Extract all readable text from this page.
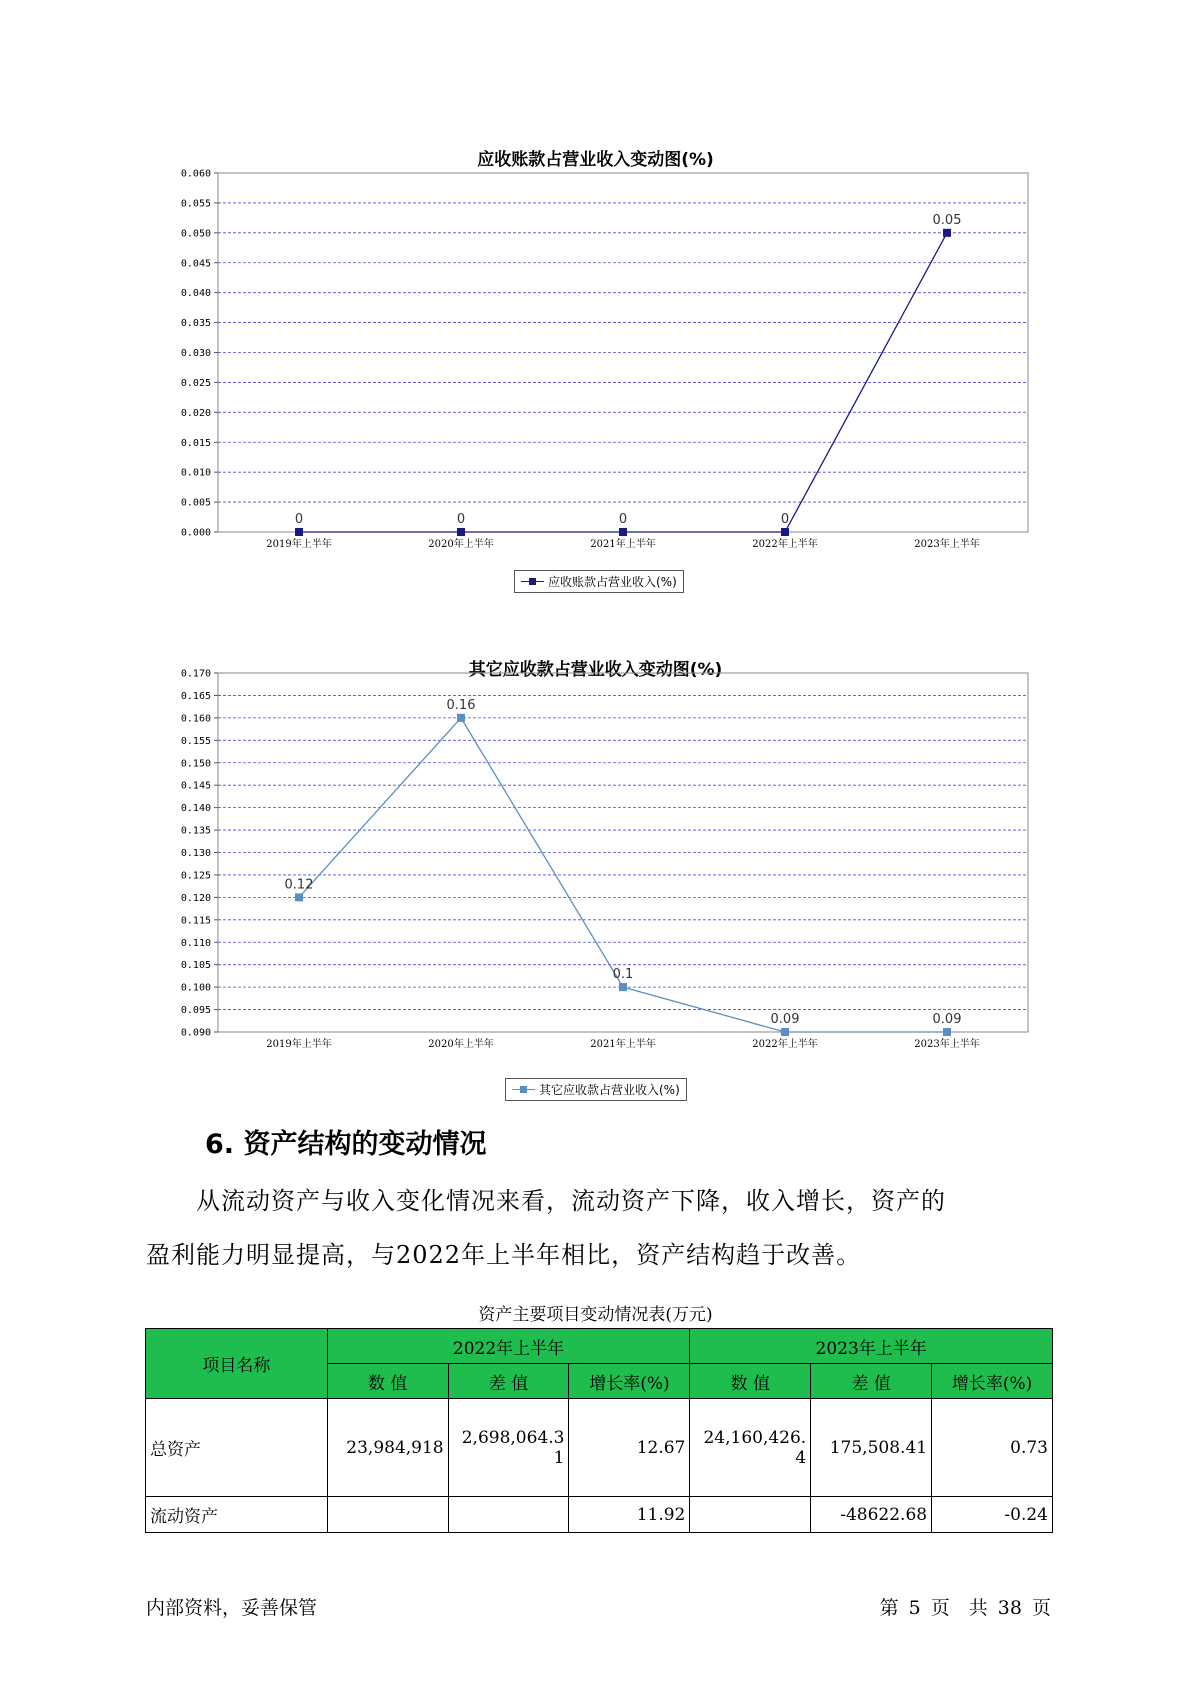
应收账款占营业收入变动图(%)
0.000
0.005
0.010
0.015
0.020
0.025
0.030
0.035
0.040
0.045
0.050
0.055
0.060
2019年上半年	2020年上半年	2021年上半年	2022年上半年	2023年上半年
0	0	0	0
0.05
应收账款占营业收入(%)
其它应收款占营业收入变动图(%)
0.090
0.095
0.100
0.105
0.110
0.115
0.120
0.125
0.130
0.135
0.140
0.145
0.150
0.155
0.160
0.165
0.170
2019年上半年	2020年上半年	2021年上半年	2022年上半年	2023年上半年
0.12
0.16
0.1
0.09	0.09
其它应收款占营业收入(%)
6. 资产结构的变动情况
从流动资产与收入变化情况来看，流动资产下降，收入增长，资产的
盈利能力明显提高，与2022年上半年相比，资产结构趋于改善。
资产主要项目变动情况表(万元)
项目名称	2022年上半年			2023年上半年		
	数 值	差 值	增长率(%)	数 值	差 值	增长率(%)
总资产	23,984,918	2,698,064.31	12.67	24,160,426.4	175,508.41	0.73
流动资产			11.92		-48622.68	-0.24
内部资料，妥善保管	第 5 页　共 38 页
